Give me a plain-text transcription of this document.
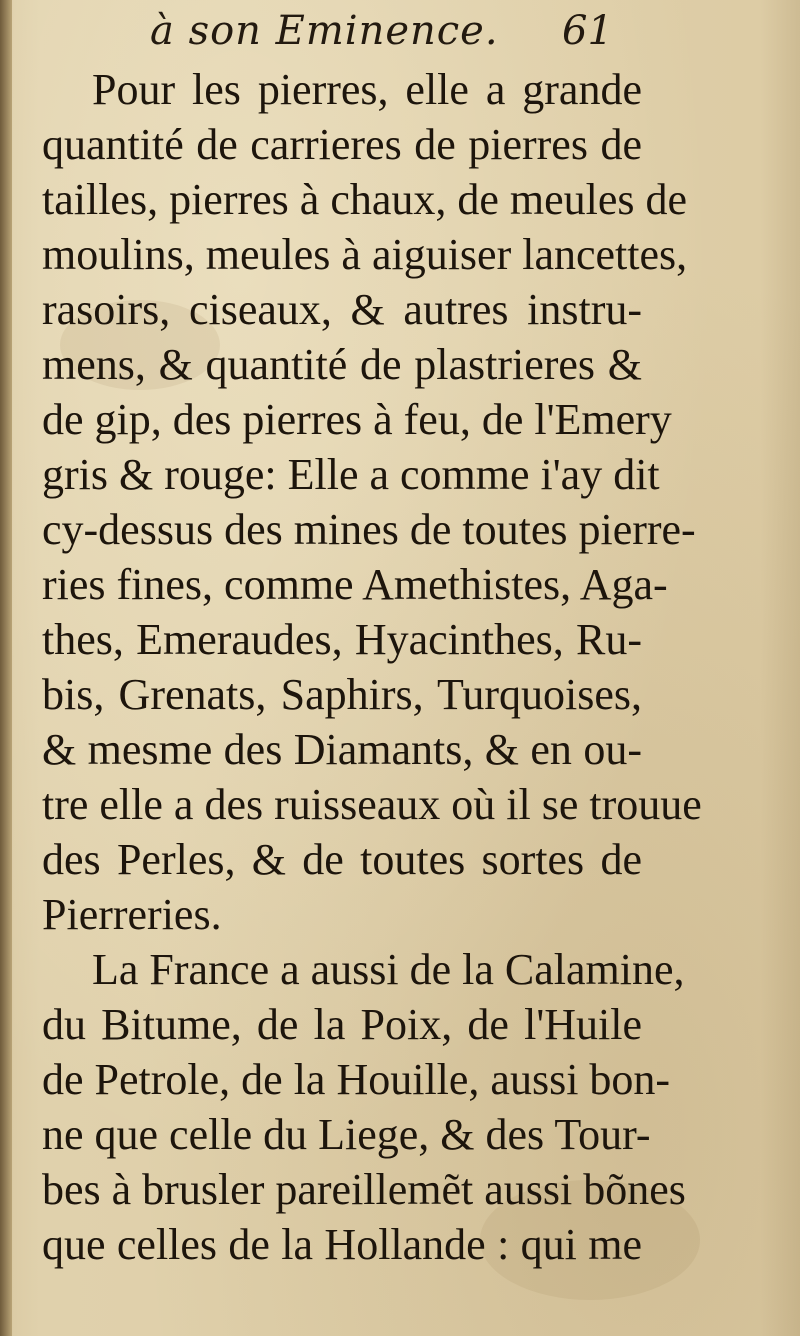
à son Eminence. 61
Pour les pierres, elle a grande
quantité de carrieres de pierres de
tailles, pierres à chaux, de meules de
moulins, meules à aiguiser lancettes,
rasoirs, ciseaux, & autres instru-
mens, & quantité de plastrieres &
de gip, des pierres à feu, de l'Emery
gris & rouge: Elle a comme i'ay dit
cy-dessus des mines de toutes pierre-
ries fines, comme Amethistes, Aga-
thes, Emeraudes, Hyacinthes, Ru-
bis, Grenats, Saphirs, Turquoises,
& mesme des Diamants, & en ou-
tre elle a des ruisseaux où il se trouue
des Perles, & de toutes sortes de
Pierreries.
La France a aussi de la Calamine,
du Bitume, de la Poix, de l'Huile
de Petrole, de la Houille, aussi bon-
ne que celle du Liege, & des Tour-
bes à brusler pareillemẽt aussi bõnes
que celles de la Hollande : qui me
